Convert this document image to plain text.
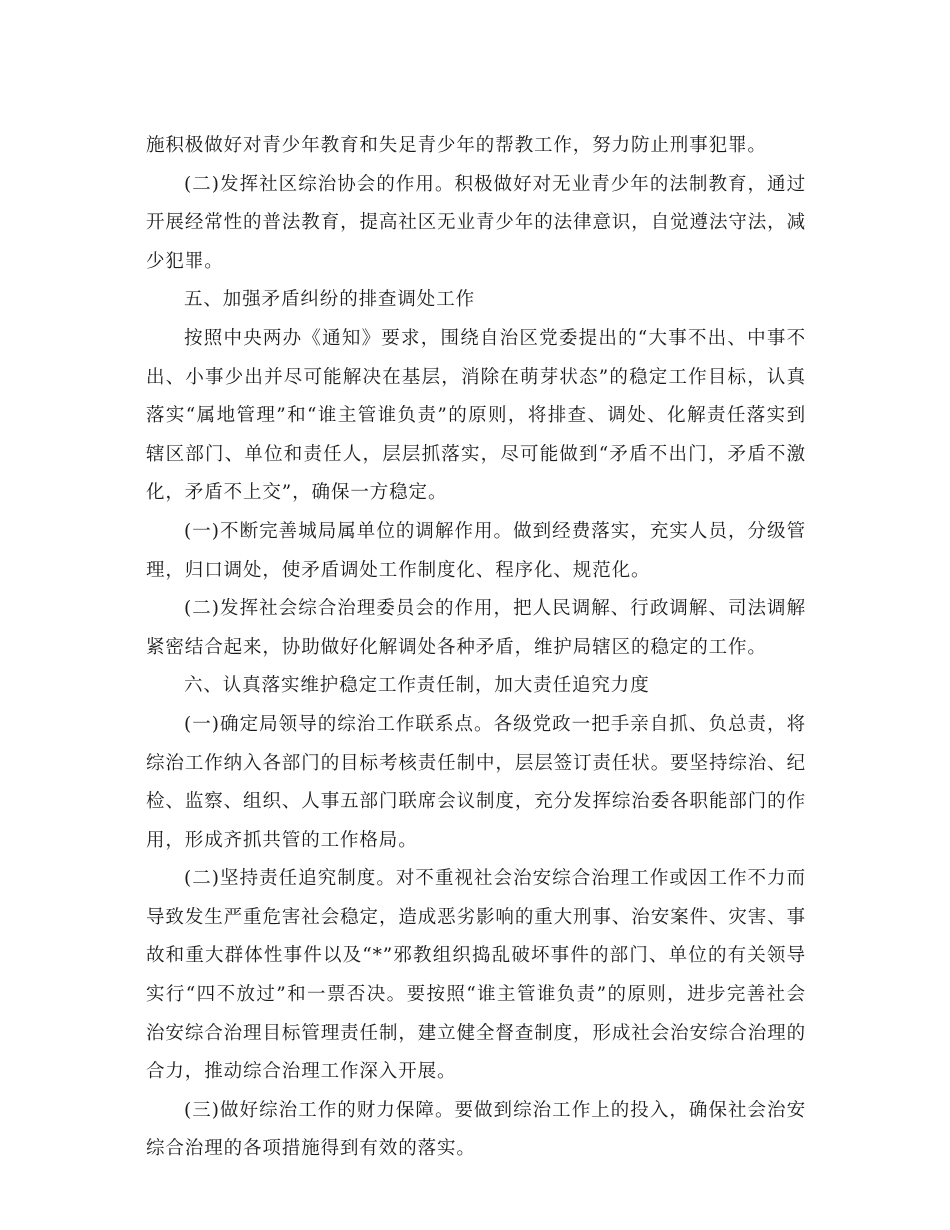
施积极做好对青少年教育和失足青少年的帮教工作，努力防止刑事犯罪。

(二)发挥社区综治协会的作用。积极做好对无业青少年的法制教育，通过开展经常性的普法教育，提高社区无业青少年的法律意识，自觉遵法守法，减少犯罪。

五、加强矛盾纠纷的排查调处工作

按照中央两办《通知》要求，围绕自治区党委提出的“大事不出、中事不出、小事少出并尽可能解决在基层，消除在萌芽状态”的稳定工作目标，认真落实“属地管理”和“谁主管谁负责”的原则，将排查、调处、化解责任落实到辖区部门、单位和责任人，层层抓落实，尽可能做到“矛盾不出门，矛盾不激化，矛盾不上交”，确保一方稳定。

(一)不断完善城局属单位的调解作用。做到经费落实，充实人员，分级管理，归口调处，使矛盾调处工作制度化、程序化、规范化。

(二)发挥社会综合治理委员会的作用，把人民调解、行政调解、司法调解紧密结合起来，协助做好化解调处各种矛盾，维护局辖区的稳定的工作。

六、认真落实维护稳定工作责任制，加大责任追究力度

(一)确定局领导的综治工作联系点。各级党政一把手亲自抓、负总责，将综治工作纳入各部门的目标考核责任制中，层层签订责任状。要坚持综治、纪检、监察、组织、人事五部门联席会议制度，充分发挥综治委各职能部门的作用，形成齐抓共管的工作格局。

(二)坚持责任追究制度。对不重视社会治安综合治理工作或因工作不力而导致发生严重危害社会稳定，造成恶劣影响的重大刑事、治安案件、灾害、事故和重大群体性事件以及“*”邪教组织捣乱破坏事件的部门、单位的有关领导实行“四不放过”和一票否决。要按照“谁主管谁负责”的原则，进步完善社会治安综合治理目标管理责任制，建立健全督查制度，形成社会治安综合治理的合力，推动综合治理工作深入开展。

(三)做好综治工作的财力保障。要做到综治工作上的投入，确保社会治安综合治理的各项措施得到有效的落实。
